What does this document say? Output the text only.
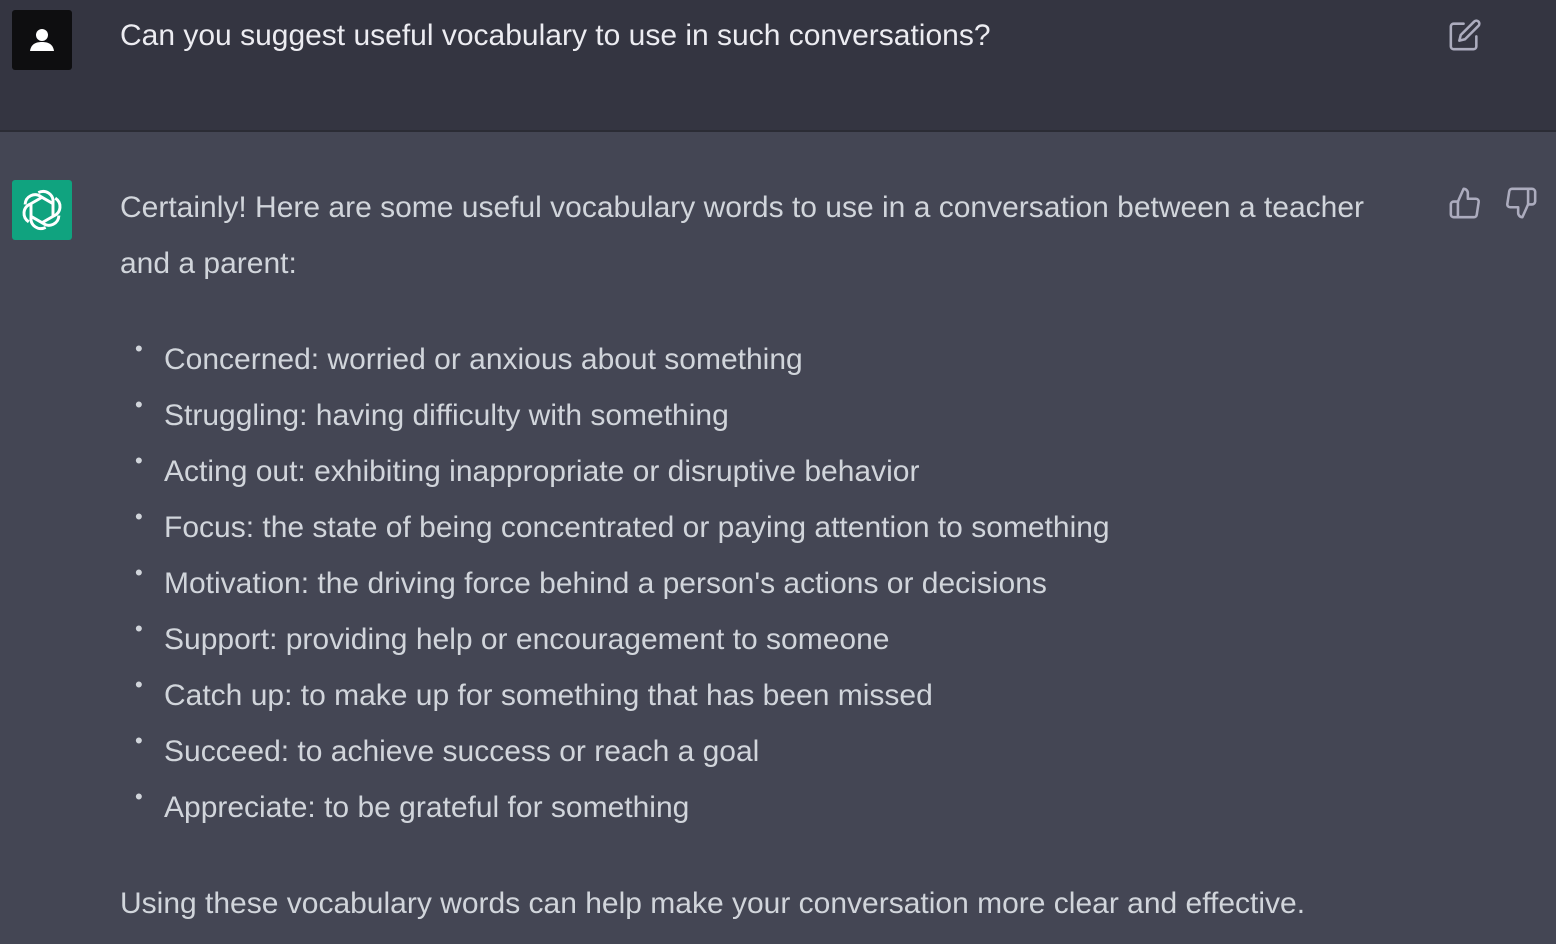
Can you suggest useful vocabulary to use in such conversations?

Certainly! Here are some useful vocabulary words to use in a conversation between a teacher and a parent:

• Concerned: worried or anxious about something
• Struggling: having difficulty with something
• Acting out: exhibiting inappropriate or disruptive behavior
• Focus: the state of being concentrated or paying attention to something
• Motivation: the driving force behind a person's actions or decisions
• Support: providing help or encouragement to someone
• Catch up: to make up for something that has been missed
• Succeed: to achieve success or reach a goal
• Appreciate: to be grateful for something

Using these vocabulary words can help make your conversation more clear and effective.
